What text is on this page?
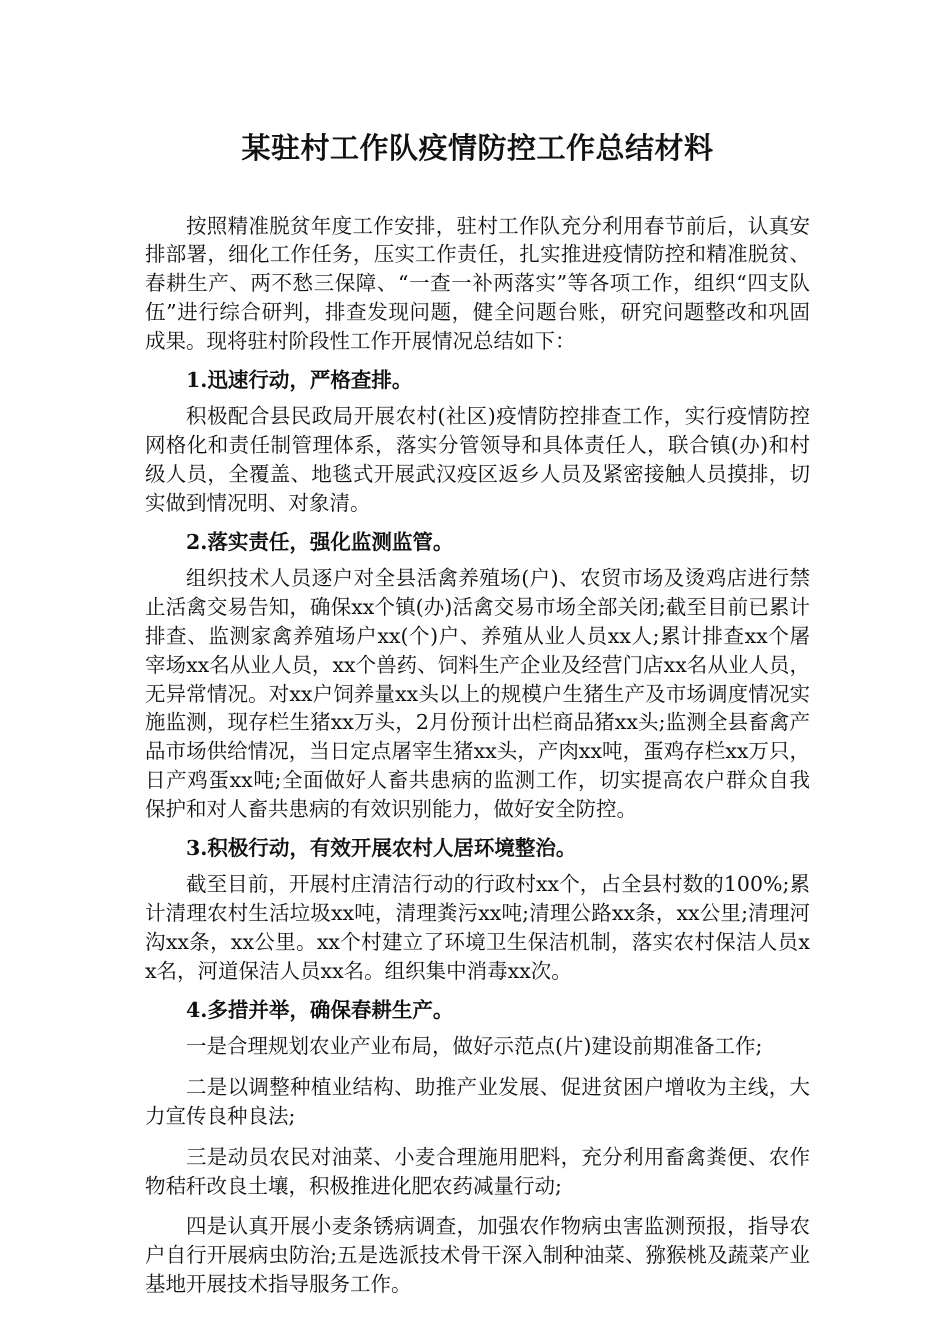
某驻村工作队疫情防控工作总结材料

按照精准脱贫年度工作安排，驻村工作队充分利用春节前后，认真安排部署，细化工作任务，压实工作责任，扎实推进疫情防控和精准脱贫、春耕生产、两不愁三保障、“一查一补两落实”等各项工作，组织“四支队伍”进行综合研判，排查发现问题，健全问题台账，研究问题整改和巩固成果。现将驻村阶段性工作开展情况总结如下：

1.迅速行动，严格查排。

积极配合县民政局开展农村(社区)疫情防控排查工作，实行疫情防控网格化和责任制管理体系，落实分管领导和具体责任人，联合镇(办)和村级人员，全覆盖、地毯式开展武汉疫区返乡人员及紧密接触人员摸排，切实做到情况明、对象清。

2.落实责任，强化监测监管。

组织技术人员逐户对全县活禽养殖场(户)、农贸市场及烫鸡店进行禁止活禽交易告知，确保xx个镇(办)活禽交易市场全部关闭;截至目前已累计排查、监测家禽养殖场户xx(个)户、养殖从业人员xx人;累计排查xx个屠宰场xx名从业人员，xx个兽药、饲料生产企业及经营门店xx名从业人员，无异常情况。对xx户饲养量xx头以上的规模户生猪生产及市场调度情况实施监测，现存栏生猪xx万头，2月份预计出栏商品猪xx头;监测全县畜禽产品市场供给情况，当日定点屠宰生猪xx头，产肉xx吨，蛋鸡存栏xx万只，日产鸡蛋xx吨;全面做好人畜共患病的监测工作，切实提高农户群众自我保护和对人畜共患病的有效识别能力，做好安全防控。

3.积极行动，有效开展农村人居环境整治。

截至目前，开展村庄清洁行动的行政村xx个，占全县村数的100%;累计清理农村生活垃圾xx吨，清理粪污xx吨;清理公路xx条，xx公里;清理河沟xx条，xx公里。xx个村建立了环境卫生保洁机制，落实农村保洁人员xx名，河道保洁人员xx名。组织集中消毒xx次。

4.多措并举，确保春耕生产。

一是合理规划农业产业布局，做好示范点(片)建设前期准备工作;

二是以调整种植业结构、助推产业发展、促进贫困户增收为主线，大力宣传良种良法;

三是动员农民对油菜、小麦合理施用肥料，充分利用畜禽粪便、农作物秸秆改良土壤，积极推进化肥农药减量行动;

四是认真开展小麦条锈病调查，加强农作物病虫害监测预报，指导农户自行开展病虫防治;五是选派技术骨干深入制种油菜、猕猴桃及蔬菜产业基地开展技术指导服务工作。
